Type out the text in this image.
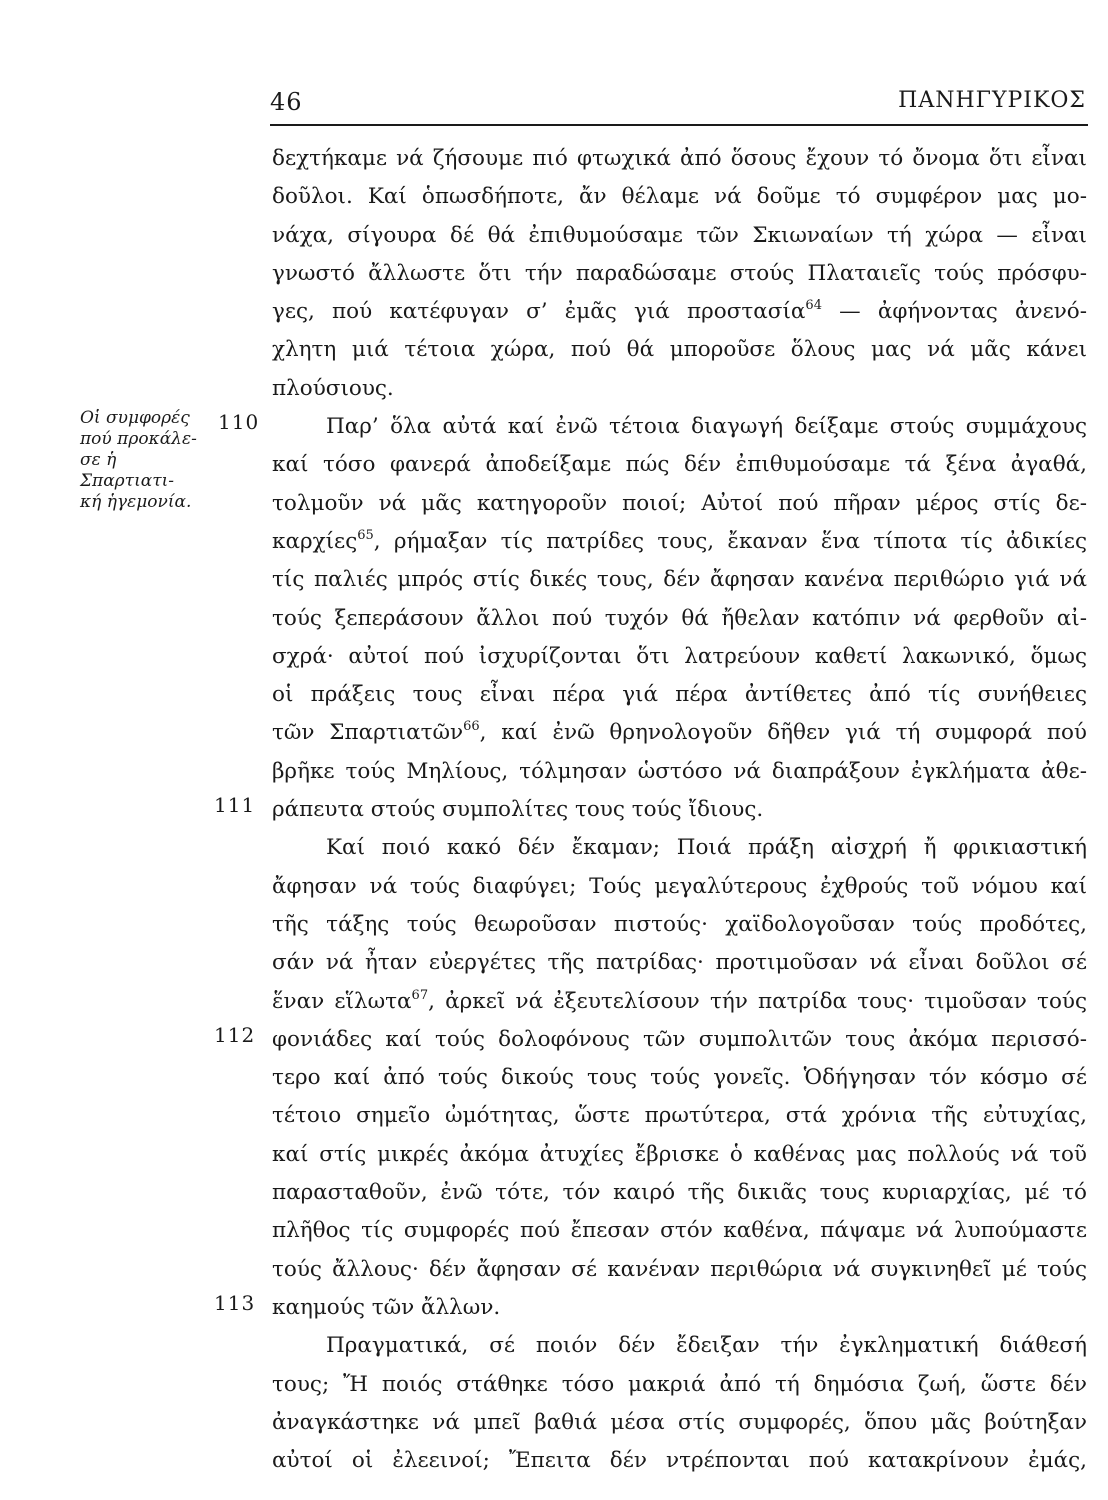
46	ΠΑΝΗΓΥΡΙΚΟΣ
Οἱ συμφορές
πού προκάλε-
σε ἡ Σπαρτιατι-
κή ἡγεμονία.
110
111
112
113
δεχτήκαμε νά ζήσουμε πιό φτωχικά ἀπό ὅσους ἔχουν τό ὄνομα ὅτι εἶναι
δοῦλοι. Καί ὁπωσδήποτε, ἄν θέλαμε νά δοῦμε τό συμφέρον μας μο-
νάχα, σίγουρα δέ θά ἐπιθυμούσαμε τῶν Σκιωναίων τή χώρα — εἶναι
γνωστό ἄλλωστε ὅτι τήν παραδώσαμε στούς Πλαταιεῖς τούς πρόσφυ-
γες, πού κατέφυγαν σ’ ἐμᾶς γιά προστασία$^{64}$ — ἀφήνοντας ἀνενό-
χλητη μιά τέτοια χώρα, πού θά μποροῦσε ὅλους μας νά μᾶς κάνει
πλούσιους.
Παρ’ ὅλα αὐτά καί ἐνῶ τέτοια διαγωγή δείξαμε στούς συμμάχους
καί τόσο φανερά ἀποδείξαμε πώς δέν ἐπιθυμούσαμε τά ξένα ἀγαθά,
τολμοῦν νά μᾶς κατηγοροῦν ποιοί; Αὐτοί πού πῆραν μέρος στίς δε-
καρχίες$^{65}$, ρήμαξαν τίς πατρίδες τους, ἔκαναν ἕνα τίποτα τίς ἀδικίες
τίς παλιές μπρός στίς δικές τους, δέν ἄφησαν κανένα περιθώριο γιά νά
τούς ξεπεράσουν ἄλλοι πού τυχόν θά ἤθελαν κατόπιν νά φερθοῦν αἰ-
σχρά· αὐτοί πού ἰσχυρίζονται ὅτι λατρεύουν καθετί λακωνικό, ὅμως
οἱ πράξεις τους εἶναι πέρα γιά πέρα ἀντίθετες ἀπό τίς συνήθειες
τῶν Σπαρτιατῶν$^{66}$, καί ἐνῶ θρηνολογοῦν δῆθεν γιά τή συμφορά πού
βρῆκε τούς Μηλίους, τόλμησαν ὡστόσο νά διαπράξουν ἐγκλήματα ἀθε-
ράπευτα στούς συμπολίτες τους τούς ἴδιους.
Καί ποιό κακό δέν ἔκαμαν; Ποιά πράξη αἰσχρή ἤ φρικιαστική
ἄφησαν νά τούς διαφύγει; Τούς μεγαλύτερους ἐχθρούς τοῦ νόμου καί
τῆς τάξης τούς θεωροῦσαν πιστούς· χαϊδολογοῦσαν τούς προδότες,
σάν νά ἦταν εὐεργέτες τῆς πατρίδας· προτιμοῦσαν νά εἶναι δοῦλοι σέ
ἕναν εἵλωτα$^{67}$, ἀρκεῖ νά ἐξευτελίσουν τήν πατρίδα τους· τιμοῦσαν τούς
φονιάδες καί τούς δολοφόνους τῶν συμπολιτῶν τους ἀκόμα περισσό-
τερο καί ἀπό τούς δικούς τους τούς γονεῖς. Ὁδήγησαν τόν κόσμο σέ
τέτοιο σημεῖο ὠμότητας, ὥστε πρωτύτερα, στά χρόνια τῆς εὐτυχίας,
καί στίς μικρές ἀκόμα ἀτυχίες ἔβρισκε ὁ καθένας μας πολλούς νά τοῦ
παρασταθοῦν, ἐνῶ τότε, τόν καιρό τῆς δικιᾶς τους κυριαρχίας, μέ τό
πλῆθος τίς συμφορές πού ἔπεσαν στόν καθένα, πάψαμε νά λυπούμαστε
τούς ἄλλους· δέν ἄφησαν σέ κανέναν περιθώρια νά συγκινηθεῖ μέ τούς
καημούς τῶν ἄλλων.
Πραγματικά, σέ ποιόν δέν ἔδειξαν τήν ἐγκληματική διάθεσή
τους; Ἤ ποιός στάθηκε τόσο μακριά ἀπό τή δημόσια ζωή, ὥστε δέν
ἀναγκάστηκε νά μπεῖ βαθιά μέσα στίς συμφορές, ὅπου μᾶς βούτηξαν
αὐτοί οἱ ἐλεεινοί; Ἔπειτα δέν ντρέπονται πού κατακρίνουν ἐμάς,
